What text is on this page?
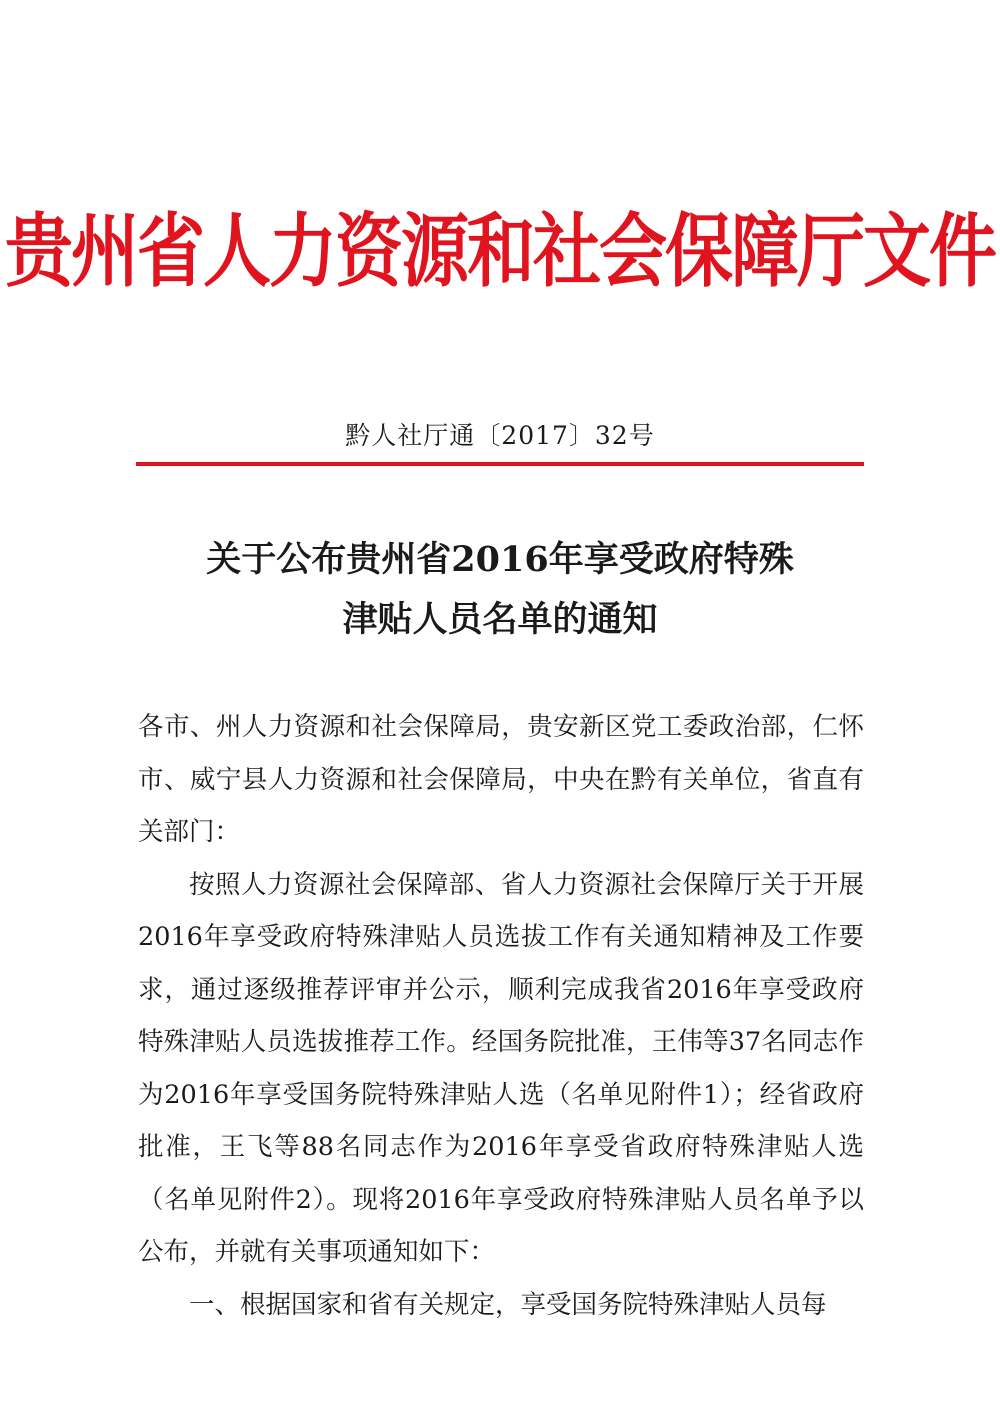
贵州省人力资源和社会保障厅文件
黔人社厅通〔2017〕32号
关于公布贵州省2016年享受政府特殊
津贴人员名单的通知

各市、州人力资源和社会保障局，贵安新区党工委政治部，仁怀市、威宁县人力资源和社会保障局，中央在黔有关单位，省直有关部门：

按照人力资源社会保障部、省人力资源社会保障厅关于开展2016年享受政府特殊津贴人员选拔工作有关通知精神及工作要求，通过逐级推荐评审并公示，顺利完成我省2016年享受政府特殊津贴人员选拔推荐工作。经国务院批准，王伟等37名同志作为2016年享受国务院特殊津贴人选（名单见附件1）；经省政府批准，王飞等88名同志作为2016年享受省政府特殊津贴人选（名单见附件2）。现将2016年享受政府特殊津贴人员名单予以公布，并就有关事项通知如下：

一、根据国家和省有关规定，享受国务院特殊津贴人员每
